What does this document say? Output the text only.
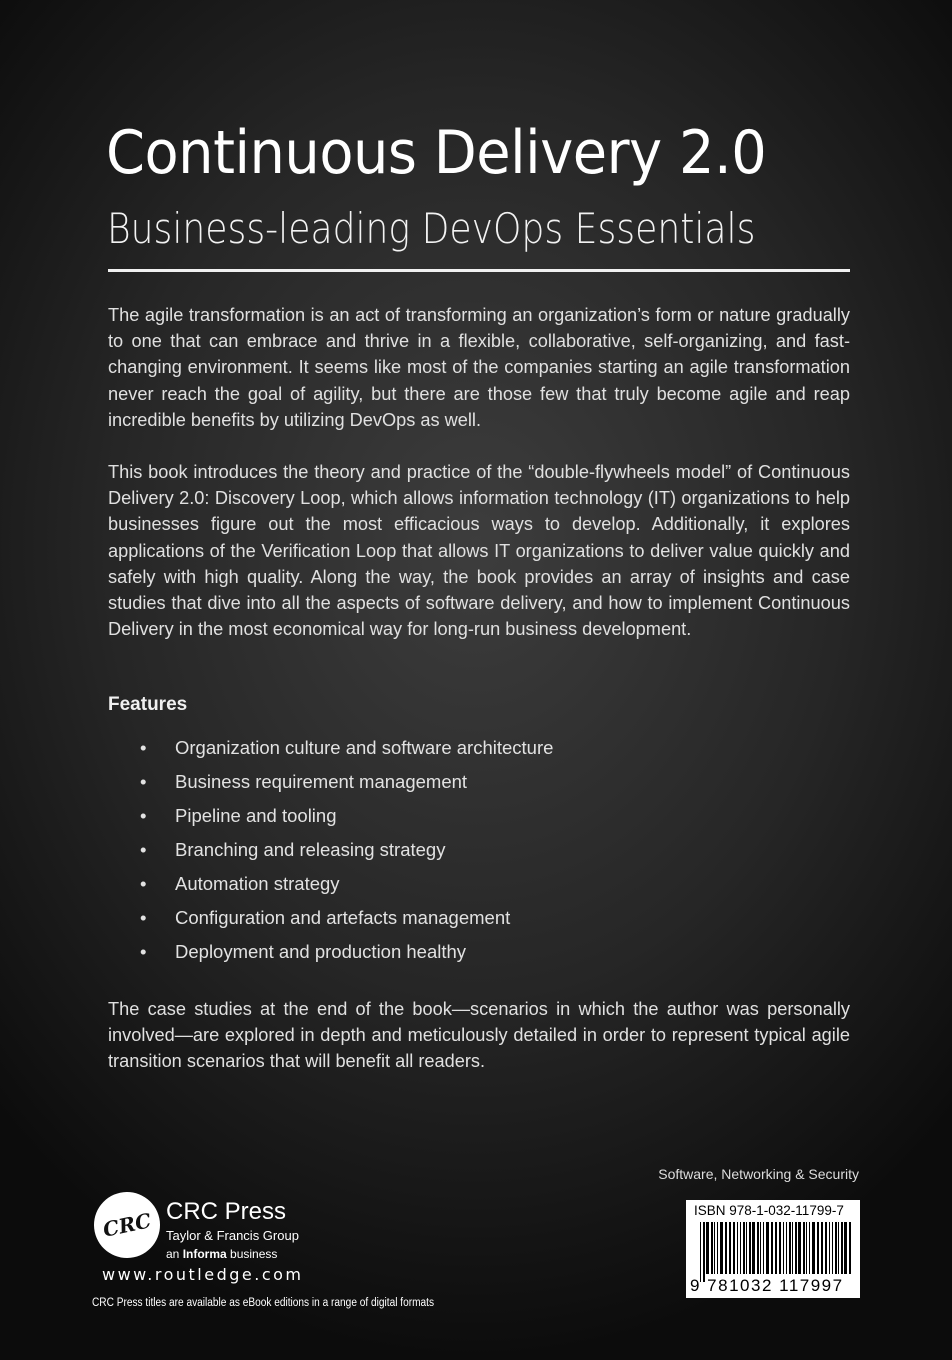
Continuous Delivery 2.0
Business-leading DevOps Essentials
The agile transformation is an act of transforming an organization’s form or nature gradually to one that can embrace and thrive in a flexible, collaborative, self-organizing, and fast-changing environment. It seems like most of the companies starting an agile transformation never reach the goal of agility, but there are those few that truly become agile and reap incredible benefits by utilizing DevOps as well.
This book introduces the theory and practice of the “double-flywheels model” of Continuous Delivery 2.0: Discovery Loop, which allows information technology (IT) organizations to help businesses figure out the most efficacious ways to develop. Additionally, it explores applications of the Verification Loop that allows IT organizations to deliver value quickly and safely with high quality. Along the way, the book provides an array of insights and case studies that dive into all the aspects of software delivery, and how to implement Continuous Delivery in the most economical way for long-run business development.
Features
•	Organization culture and software architecture
•	Business requirement management
•	Pipeline and tooling
•	Branching and releasing strategy
•	Automation strategy
•	Configuration and artefacts management
•	Deployment and production healthy
The case studies at the end of the book—scenarios in which the author was personally involved—are explored in depth and meticulously detailed in order to represent typical agile transition scenarios that will benefit all readers.
Software, Networking & Security
ISBN 978-1-032-11799-7
9 781032 117997
CRC CRC Press
Taylor & Francis Group
an Informa business
www.routledge.com
CRC Press titles are available as eBook editions in a range of digital formats
